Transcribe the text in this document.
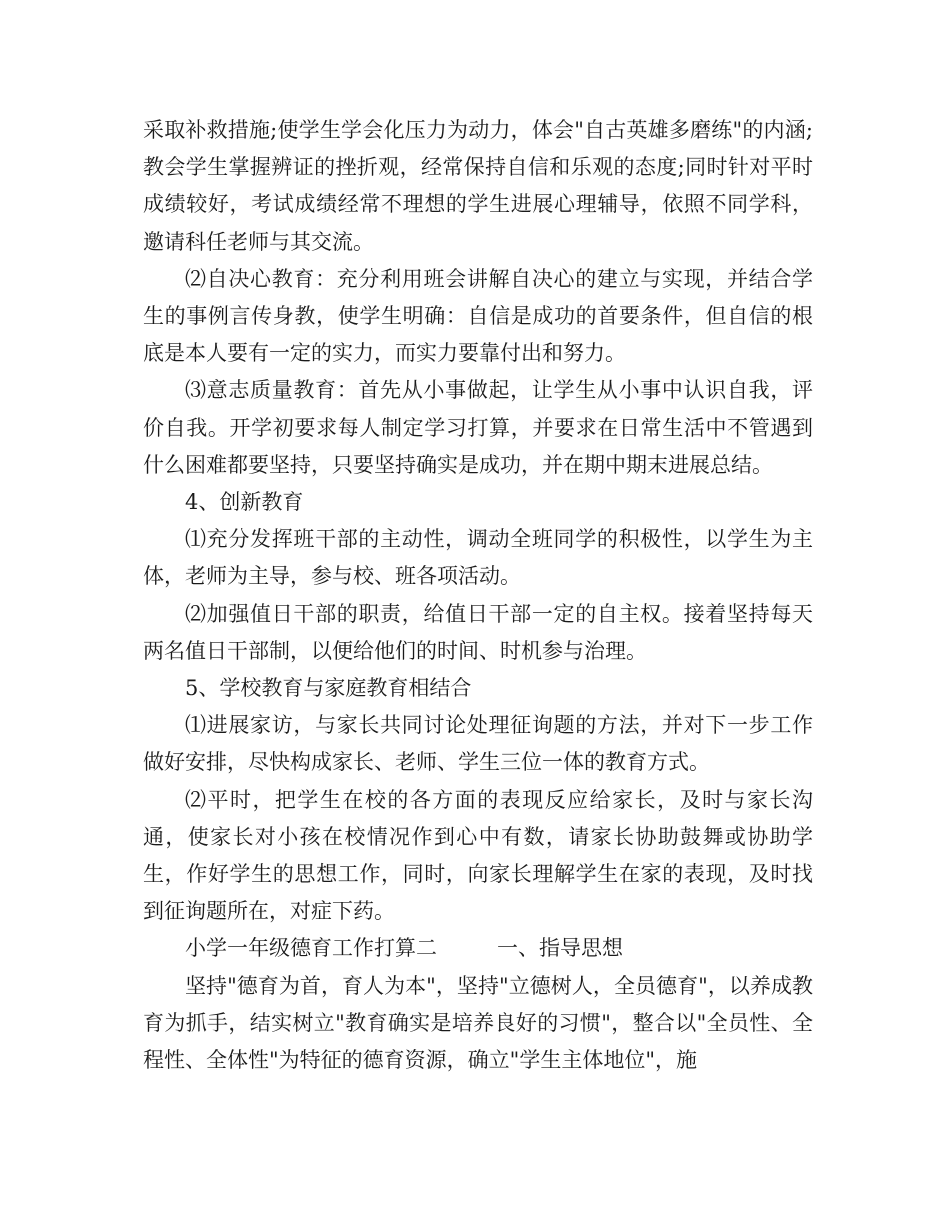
采取补救措施;使学生学会化压力为动力，体会"自古英雄多磨练"的内涵;教会学生掌握辨证的挫折观，经常保持自信和乐观的态度;同时针对平时成绩较好，考试成绩经常不理想的学生进展心理辅导，依照不同学科，邀请科任老师与其交流。

⑵自决心教育：充分利用班会讲解自决心的建立与实现，并结合学生的事例言传身教，使学生明确：自信是成功的首要条件，但自信的根底是本人要有一定的实力，而实力要靠付出和努力。

⑶意志质量教育：首先从小事做起，让学生从小事中认识自我，评价自我。开学初要求每人制定学习打算，并要求在日常生活中不管遇到什么困难都要坚持，只要坚持确实是成功，并在期中期末进展总结。

4、创新教育

⑴充分发挥班干部的主动性，调动全班同学的积极性，以学生为主体，老师为主导，参与校、班各项活动。

⑵加强值日干部的职责，给值日干部一定的自主权。接着坚持每天两名值日干部制，以便给他们的时间、时机参与治理。

5、学校教育与家庭教育相结合

⑴进展家访，与家长共同讨论处理征询题的方法，并对下一步工作做好安排，尽快构成家长、老师、学生三位一体的教育方式。

⑵平时，把学生在校的各方面的表现反应给家长，及时与家长沟通，使家长对小孩在校情况作到心中有数，请家长协助鼓舞或协助学生，作好学生的思想工作，同时，向家长理解学生在家的表现，及时找到征询题所在，对症下药。

小学一年级德育工作打算二	一、指导思想

坚持"德育为首，育人为本"，坚持"立德树人，全员德育"，以养成教育为抓手，结实树立"教育确实是培养良好的习惯"，整合以"全员性、全程性、全体性"为特征的德育资源，确立"学生主体地位"，施
